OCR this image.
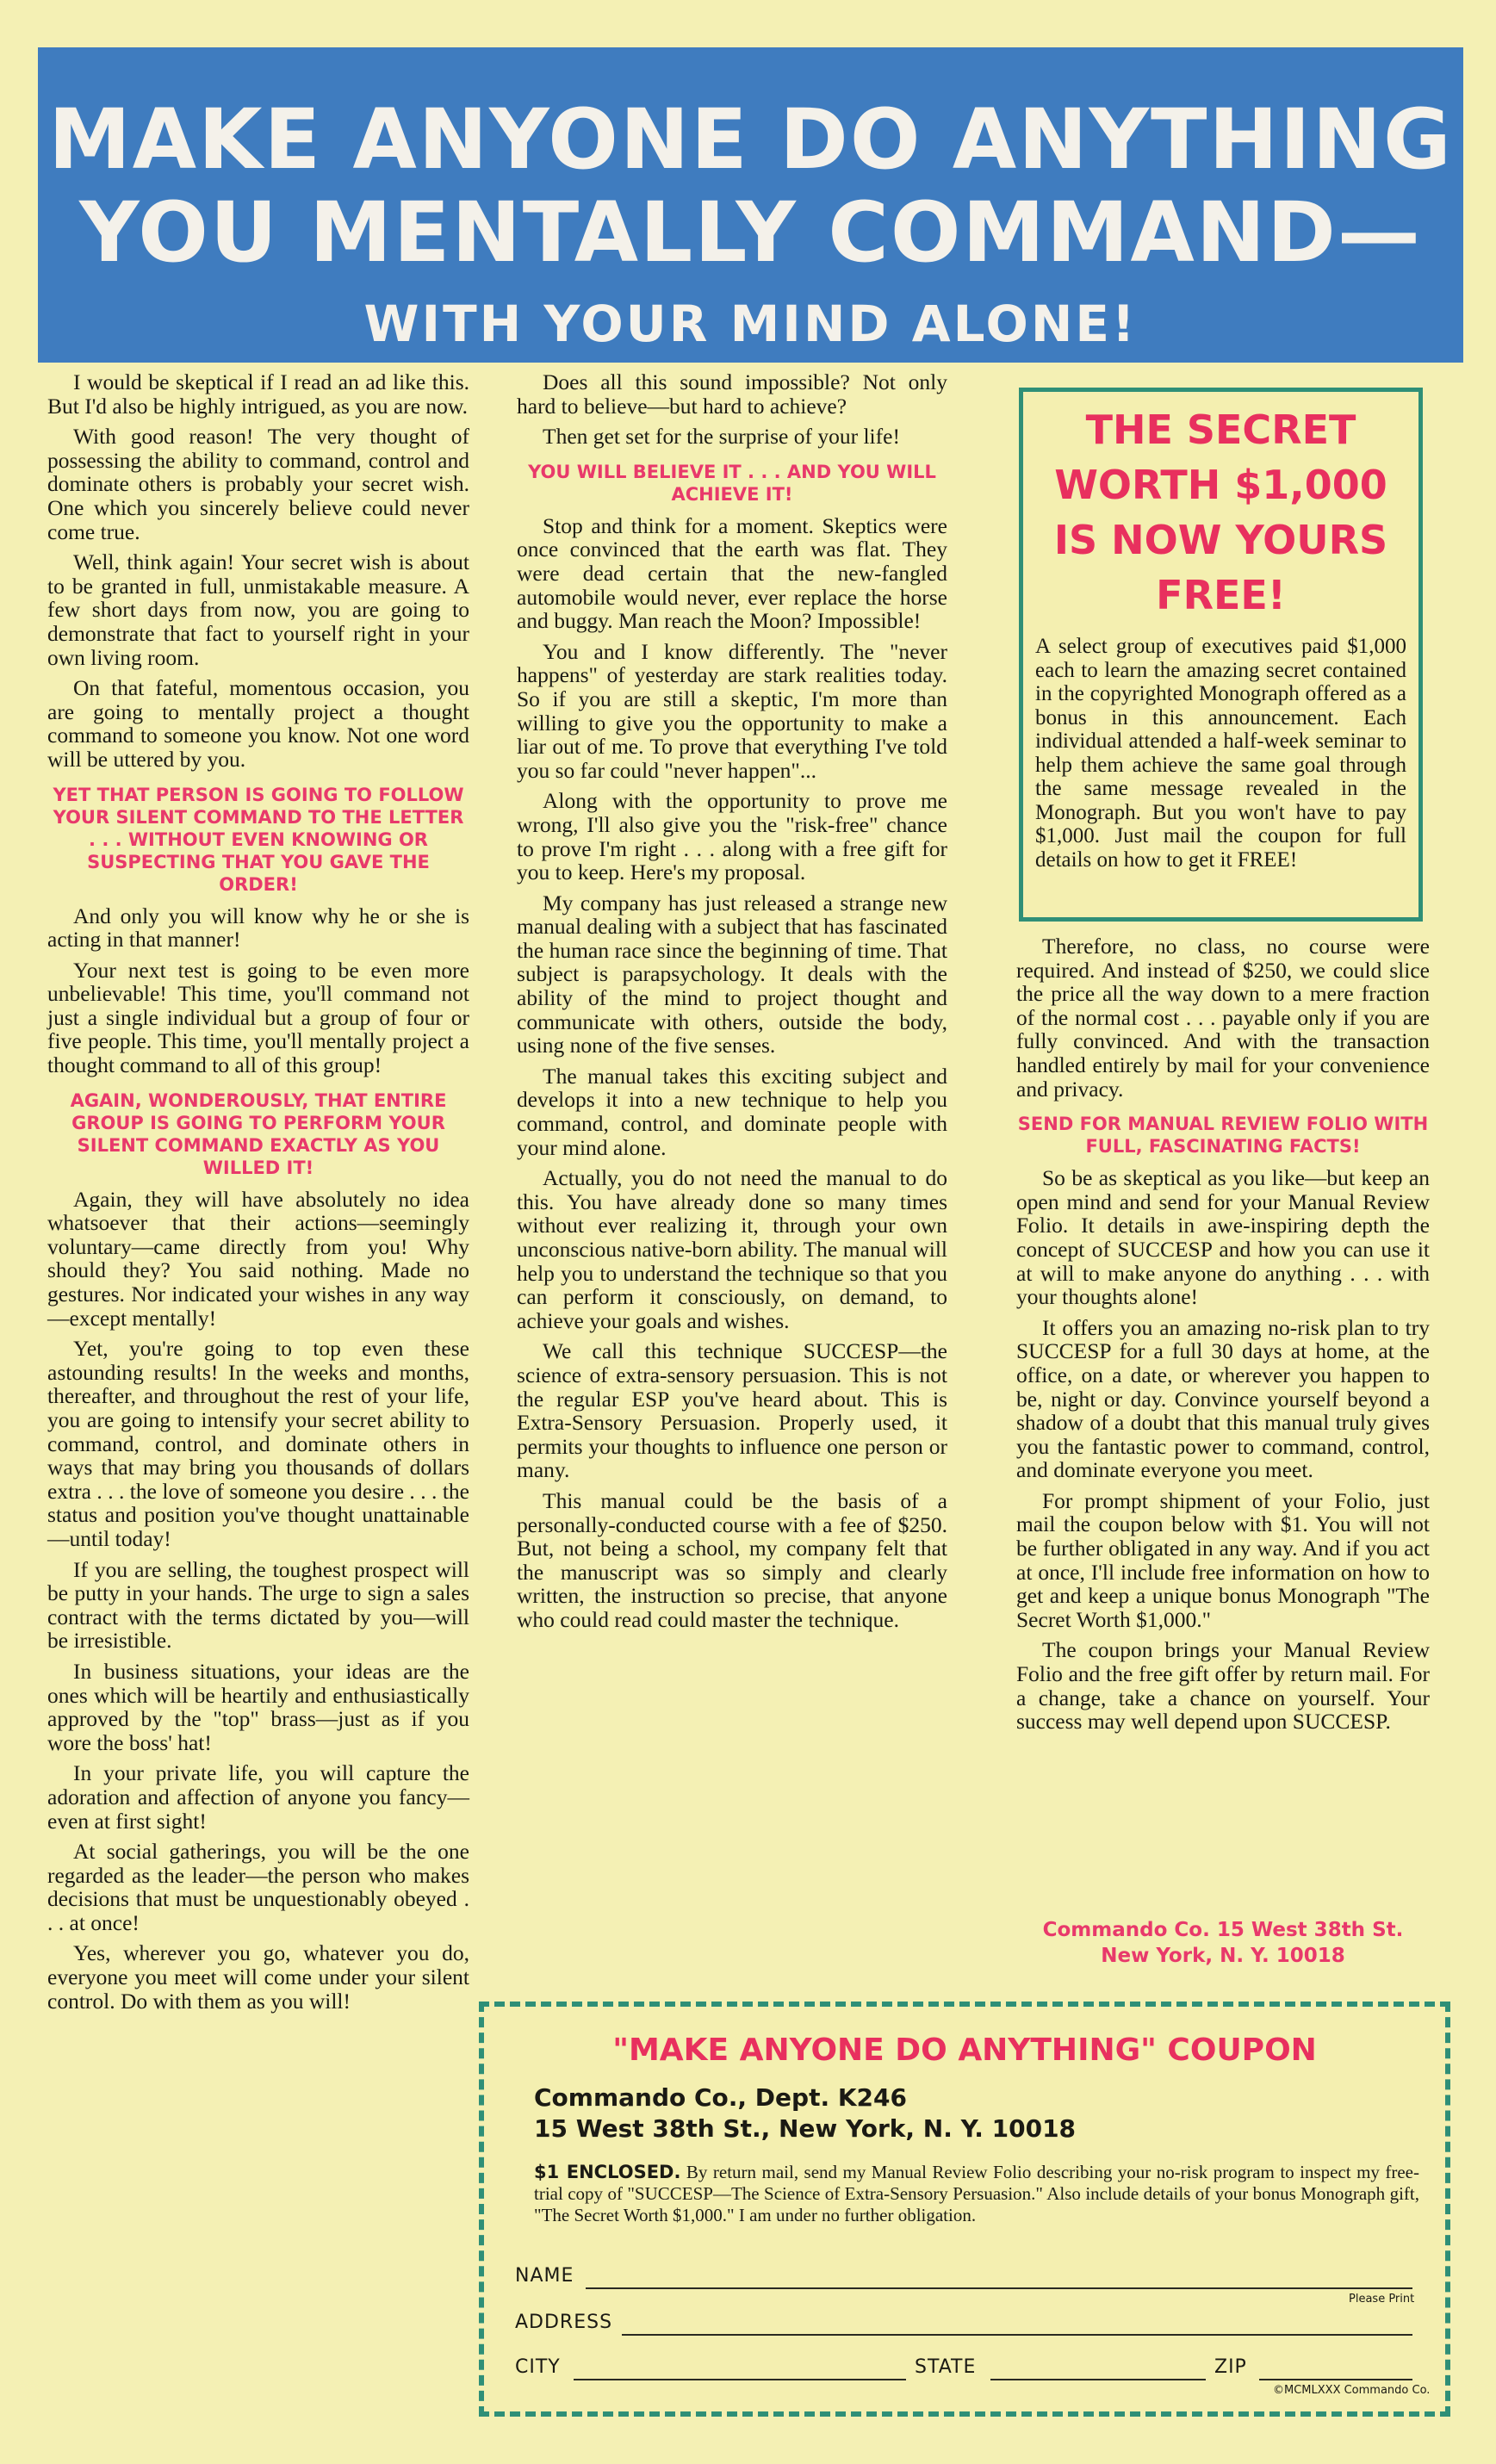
MAKE ANYONE DO ANYTHING
YOU MENTALLY COMMAND—
WITH YOUR MIND ALONE!

I would be skeptical if I read an ad like this. But I'd also be highly intrigued, as you are now.

With good reason! The very thought of possessing the ability to command, control and dominate others is probably your secret wish. One which you sincerely believe could never come true.

Well, think again! Your secret wish is about to be granted in full, unmistakable measure. A few short days from now, you are going to demonstrate that fact to yourself right in your own living room.

On that fateful, momentous occasion, you are going to mentally project a thought command to someone you know. Not one word will be uttered by you.

YET THAT PERSON IS GOING TO FOLLOW YOUR SILENT COMMAND TO THE LETTER . . . WITHOUT EVEN KNOWING OR SUSPECTING THAT YOU GAVE THE ORDER!

And only you will know why he or she is acting in that manner!

Your next test is going to be even more unbelievable! This time, you'll command not just a single individual but a group of four or five people. This time, you'll mentally project a thought command to all of this group!

AGAIN, WONDEROUSLY, THAT ENTIRE GROUP IS GOING TO PERFORM YOUR SILENT COMMAND EXACTLY AS YOU WILLED IT!

Again, they will have absolutely no idea whatsoever that their actions—seemingly voluntary—came directly from you! Why should they? You said nothing. Made no gestures. Nor indicated your wishes in any way—except mentally!

Yet, you're going to top even these astounding results! In the weeks and months, thereafter, and throughout the rest of your life, you are going to intensify your secret ability to command, control, and dominate others in ways that may bring you thousands of dollars extra . . . the love of someone you desire . . . the status and position you've thought unattainable—until today!

If you are selling, the toughest prospect will be putty in your hands. The urge to sign a sales contract with the terms dictated by you—will be irresistible.

In business situations, your ideas are the ones which will be heartily and enthusiastically approved by the "top" brass—just as if you wore the boss' hat!

In your private life, you will capture the adoration and affection of anyone you fancy—even at first sight!

At social gatherings, you will be the one regarded as the leader—the person who makes decisions that must be unquestionably obeyed . . . at once!

Yes, wherever you go, whatever you do, everyone you meet will come under your silent control. Do with them as you will!

Does all this sound impossible? Not only hard to believe—but hard to achieve?

Then get set for the surprise of your life!

YOU WILL BELIEVE IT . . . AND YOU WILL ACHIEVE IT!

Stop and think for a moment. Skeptics were once convinced that the earth was flat. They were dead certain that the new-fangled automobile would never, ever replace the horse and buggy. Man reach the Moon? Impossible!

You and I know differently. The "never happens" of yesterday are stark realities today. So if you are still a skeptic, I'm more than willing to give you the opportunity to make a liar out of me. To prove that everything I've told you so far could "never happen"...

Along with the opportunity to prove me wrong, I'll also give you the "risk-free" chance to prove I'm right . . . along with a free gift for you to keep. Here's my proposal.

My company has just released a strange new manual dealing with a subject that has fascinated the human race since the beginning of time. That subject is parapsychology. It deals with the ability of the mind to project thought and communicate with others, outside the body, using none of the five senses.

The manual takes this exciting subject and develops it into a new technique to help you command, control, and dominate people with your mind alone.

Actually, you do not need the manual to do this. You have already done so many times without ever realizing it, through your own unconscious native-born ability. The manual will help you to understand the technique so that you can perform it consciously, on demand, to achieve your goals and wishes.

We call this technique SUCCESP—the science of extra-sensory persuasion. This is not the regular ESP you've heard about. This is Extra-Sensory Persuasion. Properly used, it permits your thoughts to influence one person or many.

This manual could be the basis of a personally-conducted course with a fee of $250. But, not being a school, my company felt that the manuscript was so simply and clearly written, the instruction so precise, that anyone who could read could master the technique.

THE SECRET WORTH $1,000 IS NOW YOURS FREE!
A select group of executives paid $1,000 each to learn the amazing secret contained in the copyrighted Monograph offered as a bonus in this announcement. Each individual attended a half-week seminar to help them achieve the same goal through the same message revealed in the Monograph. But you won't have to pay $1,000. Just mail the coupon for full details on how to get it FREE!

Therefore, no class, no course were required. And instead of $250, we could slice the price all the way down to a mere fraction of the normal cost . . . payable only if you are fully convinced. And with the transaction handled entirely by mail for your convenience and privacy.

SEND FOR MANUAL REVIEW FOLIO WITH FULL, FASCINATING FACTS!

So be as skeptical as you like—but keep an open mind and send for your Manual Review Folio. It details in awe-inspiring depth the concept of SUCCESP and how you can use it at will to make anyone do anything . . . with your thoughts alone!

It offers you an amazing no-risk plan to try SUCCESP for a full 30 days at home, at the office, on a date, or wherever you happen to be, night or day. Convince yourself beyond a shadow of a doubt that this manual truly gives you the fantastic power to command, control, and dominate everyone you meet.

For prompt shipment of your Folio, just mail the coupon below with $1. You will not be further obligated in any way. And if you act at once, I'll include free information on how to get and keep a unique bonus Monograph "The Secret Worth $1,000."

The coupon brings your Manual Review Folio and the free gift offer by return mail. For a change, take a chance on yourself. Your success may well depend upon SUCCESP.

Commando Co. 15 West 38th St.
New York, N. Y. 10018
"MAKE ANYONE DO ANYTHING" COUPON
Commando Co., Dept. K246
15 West 38th St., New York, N. Y. 10018
$1 ENCLOSED. By return mail, send my Manual Review Folio describing your no-risk program to inspect my free-trial copy of "SUCCESP—The Science of Extra-Sensory Persuasion." Also include details of your bonus Monograph gift, "The Secret Worth $1,000." I am under no further obligation.
NAME
Please Print
ADDRESS
CITY	STATE	ZIP
©MCMLXXX Commando Co.
